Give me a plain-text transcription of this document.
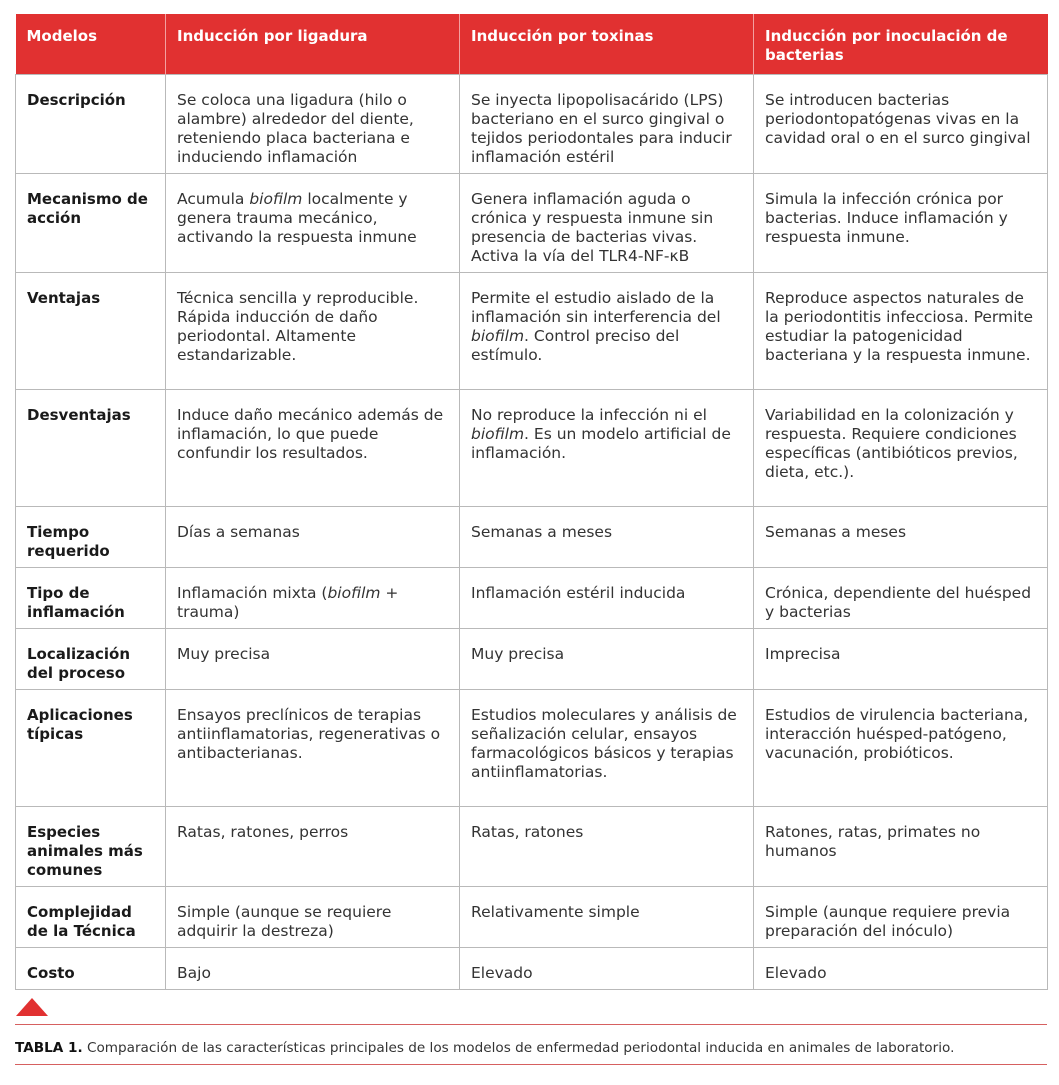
Modelos	Inducción por ligadura	Inducción por toxinas	Inducción por inoculación de bacterias
Descripción	Se coloca una ligadura (hilo o alambre) alrededor del diente, reteniendo placa bacteriana e induciendo inflamación	Se inyecta lipopolisacárido (LPS) bacteriano en el surco gingival o tejidos periodontales para inducir inflamación estéril	Se introducen bacterias periodontopatógenas vivas en la cavidad oral o en el surco gingival
Mecanismo de acción	Acumula biofilm localmente y genera trauma mecánico, activando la respuesta inmune	Genera inflamación aguda o crónica y respuesta inmune sin presencia de bacterias vivas. Activa la vía del TLR4-NF-κB	Simula la infección crónica por bacterias. Induce inflamación y respuesta inmune.
Ventajas	Técnica sencilla y reproducible. Rápida inducción de daño periodontal. Altamente estandarizable.	Permite el estudio aislado de la inflamación sin interferencia del biofilm. Control preciso del estímulo.	Reproduce aspectos naturales de la periodontitis infecciosa. Permite estudiar la patogenicidad bacteriana y la respuesta inmune.
Desventajas	Induce daño mecánico además de inflamación, lo que puede confundir los resultados.	No reproduce la infección ni el biofilm. Es un modelo artificial de inflamación.	Variabilidad en la colonización y respuesta. Requiere condiciones específicas (antibióticos previos, dieta, etc.).
Tiempo requerido	Días a semanas	Semanas a meses	Semanas a meses
Tipo de inflamación	Inflamación mixta (biofilm + trauma)	Inflamación estéril inducida	Crónica, dependiente del huésped y bacterias
Localización del proceso	Muy precisa	Muy precisa	Imprecisa
Aplicaciones típicas	Ensayos preclínicos de terapias antiinflamatorias, regenerativas o antibacterianas.	Estudios moleculares y análisis de señalización celular, ensayos farmacológicos básicos y terapias antiinflamatorias.	Estudios de virulencia bacteriana, interacción huésped-patógeno, vacunación, probióticos.
Especies animales más comunes	Ratas, ratones, perros	Ratas, ratones	Ratones, ratas, primates no humanos
Complejidad de la Técnica	Simple (aunque se requiere adquirir la destreza)	Relativamente simple	Simple (aunque requiere previa preparación del inóculo)
Costo	Bajo	Elevado	Elevado
TABLA 1. Comparación de las características principales de los modelos de enfermedad periodontal inducida en animales de laboratorio.
